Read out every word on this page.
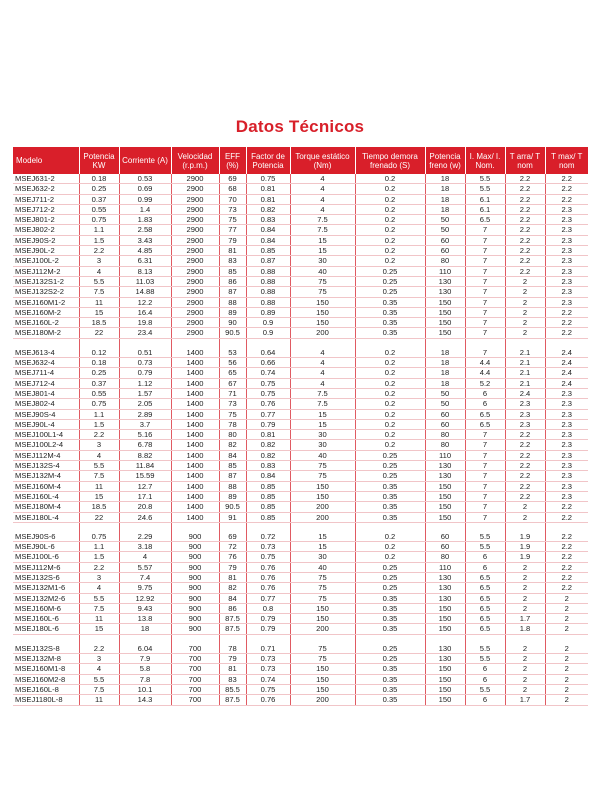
Datos Técnicos
Modelo	Potencia KW	Corriente (A)	Velocidad (r.p.m.)	EFF (%)	Factor de Potencia	Torque estático (Nm)	Tiempo demora frenado (S)	Potencia freno (w)	I. Max/ I. Nom.	T arra/ T nom	T max/ T nom
MSEJ631-2	0.18	0.53	2900	69	0.75	4	0.2	18	5.5	2.2	2.2
MSEJ632-2	0.25	0.69	2900	68	0.81	4	0.2	18	5.5	2.2	2.2
MSEJ711-2	0.37	0.99	2900	70	0.81	4	0.2	18	6.1	2.2	2.2
MSEJ712-2	0.55	1.4	2900	73	0.82	4	0.2	18	6.1	2.2	2.3
MSEJ801-2	0.75	1.83	2900	75	0.83	7.5	0.2	50	6.5	2.2	2.3
MSEJ802-2	1.1	2.58	2900	77	0.84	7.5	0.2	50	7	2.2	2.3
MSEJ90S-2	1.5	3.43	2900	79	0.84	15	0.2	60	7	2.2	2.3
MSEJ90L-2	2.2	4.85	2900	81	0.85	15	0.2	60	7	2.2	2.3
MSEJ100L-2	3	6.31	2900	83	0.87	30	0.2	80	7	2.2	2.3
MSEJ112M-2	4	8.13	2900	85	0.88	40	0.25	110	7	2.2	2.3
MSEJ132S1-2	5.5	11.03	2900	86	0.88	75	0.25	130	7	2	2.3
MSEJ132S2-2	7.5	14.88	2900	87	0.88	75	0.25	130	7	2	2.3
MSEJ160M1-2	11	12.2	2900	88	0.88	150	0.35	150	7	2	2.3
MSEJ160M-2	15	16.4	2900	89	0.89	150	0.35	150	7	2	2.2
MSEJ160L-2	18.5	19.8	2900	90	0.9	150	0.35	150	7	2	2.2
MSEJ180M-2	22	23.4	2900	90.5	0.9	200	0.35	150	7	2	2.2

MSEJ613-4	0.12	0.51	1400	53	0.64	4	0.2	18	7	2.1	2.4
MSEJ632-4	0.18	0.73	1400	56	0.66	4	0.2	18	4.4	2.1	2.4
MSEJ711-4	0.25	0.79	1400	65	0.74	4	0.2	18	4.4	2.1	2.4
MSEJ712-4	0.37	1.12	1400	67	0.75	4	0.2	18	5.2	2.1	2.4
MSEJ801-4	0.55	1.57	1400	71	0.75	7.5	0.2	50	6	2.4	2.3
MSEJ802-4	0.75	2.05	1400	73	0.76	7.5	0.2	50	6	2.3	2.3
MSEJ90S-4	1.1	2.89	1400	75	0.77	15	0.2	60	6.5	2.3	2.3
MSEJ90L-4	1.5	3.7	1400	78	0.79	15	0.2	60	6.5	2.3	2.3
MSEJ100L1-4	2.2	5.16	1400	80	0.81	30	0.2	80	7	2.2	2.3
MSEJ100L2-4	3	6.78	1400	82	0.82	30	0.2	80	7	2.2	2.3
MSEJ112M-4	4	8.82	1400	84	0.82	40	0.25	110	7	2.2	2.3
MSEJ132S-4	5.5	11.84	1400	85	0.83	75	0.25	130	7	2.2	2.3
MSEJ132M-4	7.5	15.59	1400	87	0.84	75	0.25	130	7	2.2	2.3
MSEJ160M-4	11	12.7	1400	88	0.85	150	0.35	150	7	2.2	2.3
MSEJ160L-4	15	17.1	1400	89	0.85	150	0.35	150	7	2.2	2.3
MSEJ180M-4	18.5	20.8	1400	90.5	0.85	200	0.35	150	7	2	2.2
MSEJ180L-4	22	24.6	1400	91	0.85	200	0.35	150	7	2	2.2

MSEJ90S-6	0.75	2.29	900	69	0.72	15	0.2	60	5.5	1.9	2.2
MSEJ90L-6	1.1	3.18	900	72	0.73	15	0.2	60	5.5	1.9	2.2
MSEJ100L-6	1.5	4	900	76	0.75	30	0.2	80	6	1.9	2.2
MSEJ112M-6	2.2	5.57	900	79	0.76	40	0.25	110	6	2	2.2
MSEJ132S-6	3	7.4	900	81	0.76	75	0.25	130	6.5	2	2.2
MSEJ132M1-6	4	9.75	900	82	0.76	75	0.25	130	6.5	2	2.2
MSEJ132M2-6	5.5	12.92	900	84	0.77	75	0.35	130	6.5	2	2
MSEJ160M-6	7.5	9.43	900	86	0.8	150	0.35	150	6.5	2	2
MSEJ160L-6	11	13.8	900	87.5	0.79	150	0.35	150	6.5	1.7	2
MSEJ180L-6	15	18	900	87.5	0.79	200	0.35	150	6.5	1.8	2

MSEJ132S-8	2.2	6.04	700	78	0.71	75	0.25	130	5.5	2	2
MSEJ132M-8	3	7.9	700	79	0.73	75	0.25	130	5.5	2	2
MSEJ160M1-8	4	5.8	700	81	0.73	150	0.35	150	6	2	2
MSEJ160M2-8	5.5	7.8	700	83	0.74	150	0.35	150	6	2	2
MSEJ160L-8	7.5	10.1	700	85.5	0.75	150	0.35	150	5.5	2	2
MSEJ1180L-8	11	14.3	700	87.5	0.76	200	0.35	150	6	1.7	2
